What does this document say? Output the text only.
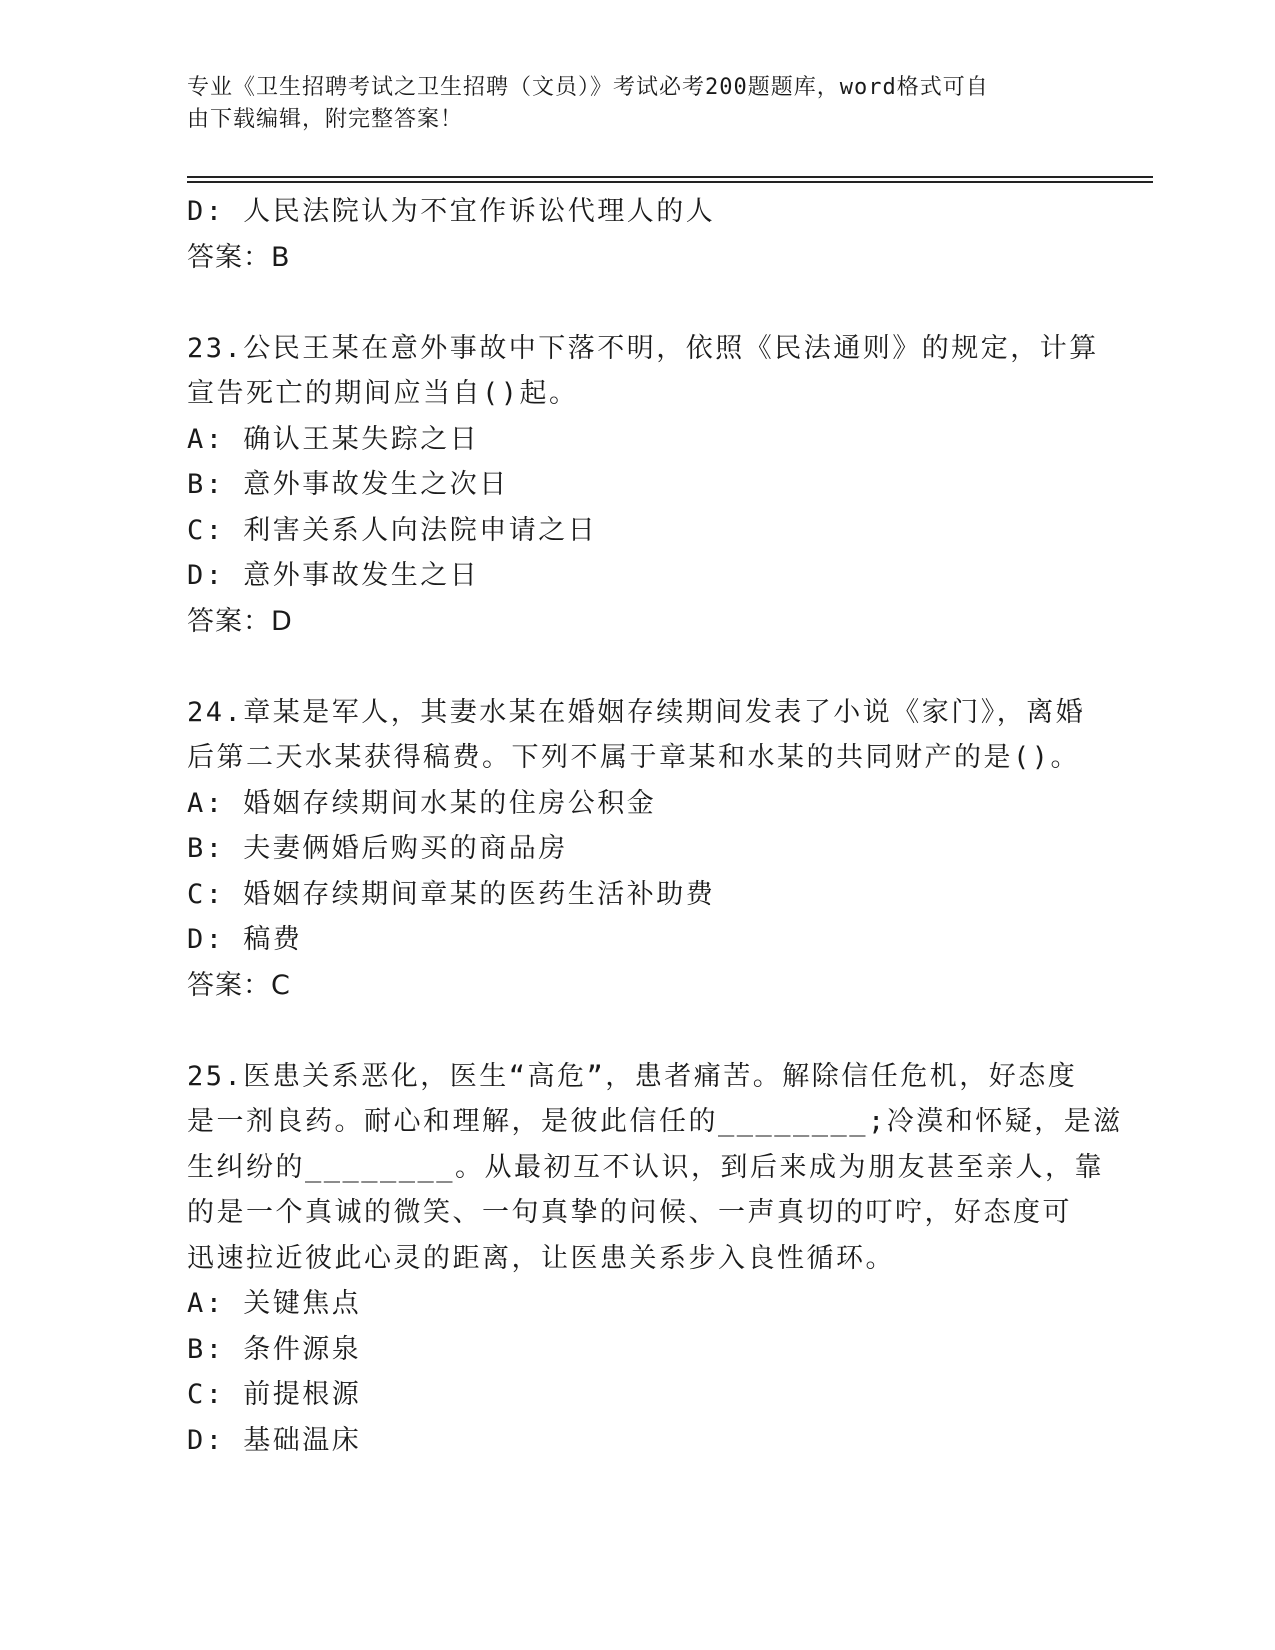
专业《卫生招聘考试之卫生招聘（文员）》考试必考200题题库，word格式可自
由下载编辑，附完整答案！
D: 人民法院认为不宜作诉讼代理人的人
答案：B
23.公民王某在意外事故中下落不明，依照《民法通则》的规定，计算
宣告死亡的期间应当自()起。
A: 确认王某失踪之日
B: 意外事故发生之次日
C: 利害关系人向法院申请之日
D: 意外事故发生之日
答案：D
24.章某是军人，其妻水某在婚姻存续期间发表了小说《家门》，离婚
后第二天水某获得稿费。下列不属于章某和水某的共同财产的是()。
A: 婚姻存续期间水某的住房公积金
B: 夫妻俩婚后购买的商品房
C: 婚姻存续期间章某的医药生活补助费
D: 稿费
答案：C
25.医患关系恶化，医生“高危”，患者痛苦。解除信任危机，好态度
是一剂良药。耐心和理解，是彼此信任的________;冷漠和怀疑，是滋
生纠纷的________。从最初互不认识，到后来成为朋友甚至亲人，靠
的是一个真诚的微笑、一句真挚的问候、一声真切的叮咛，好态度可
迅速拉近彼此心灵的距离，让医患关系步入良性循环。
A: 关键焦点
B: 条件源泉
C: 前提根源
D: 基础温床
